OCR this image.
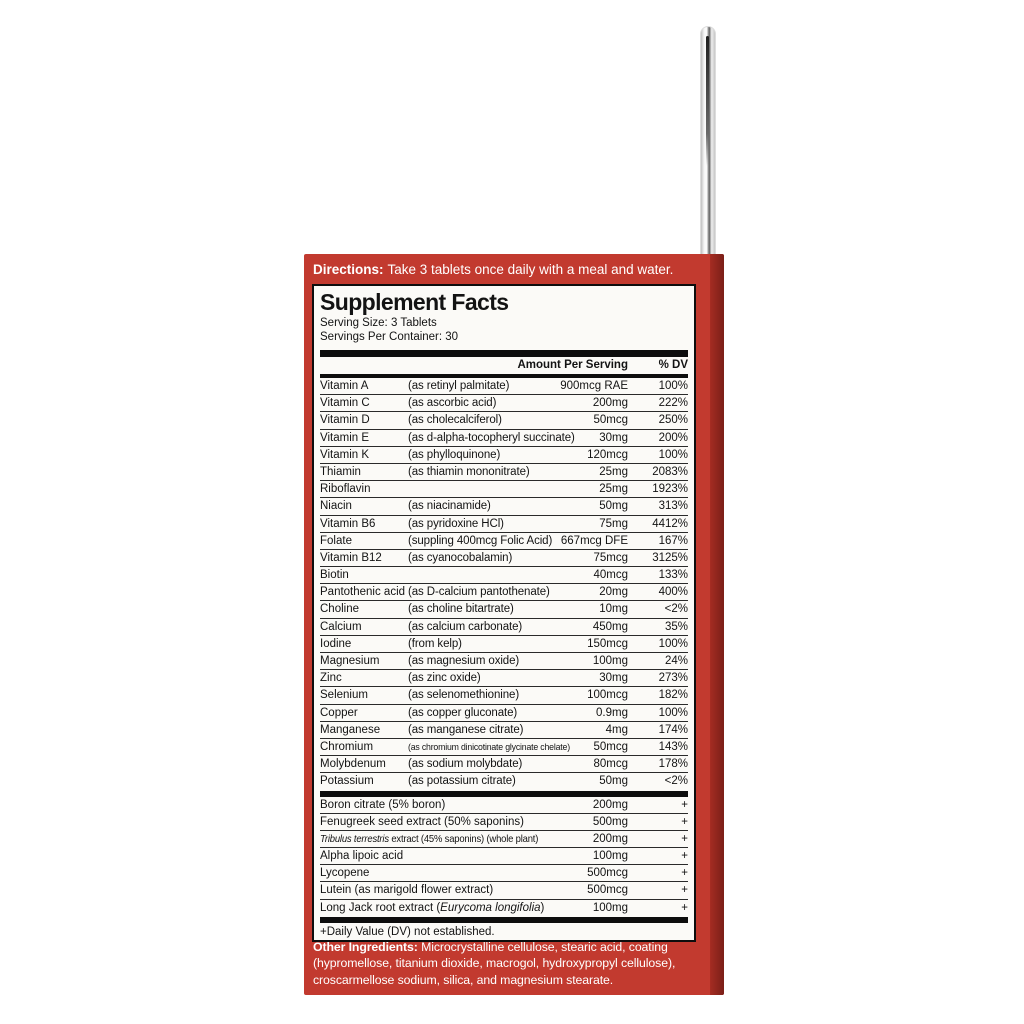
Directions: Take 3 tablets once daily with a meal and water.
Supplement Facts
Serving Size: 3 Tablets
Servings Per Container: 30
Amount Per Serving	% DV
Vitamin A	(as retinyl palmitate)	900mcg RAE	100%
Vitamin C	(as ascorbic acid)	200mg	222%
Vitamin D	(as cholecalciferol)	50mcg	250%
Vitamin E	(as d-alpha-tocopheryl succinate) 30mg	200%
Vitamin K	(as phylloquinone)	120mcg	100%
Thiamin	(as thiamin mononitrate)	25mg 2083%
Riboflavin	25mg 1923%
Niacin	(as niacinamide)	50mg	313%
Vitamin B6	(as pyridoxine HCl)	75mg 4412%
Folate	(suppling 400mcg Folic Acid) 667mcg DFE	167%
Vitamin B12 (as cyanocobalamin)	75mcg 3125%
Biotin	40mcg	133%
Pantothenic acid (as D-calcium pantothenate)	20mg	400%
Choline	(as choline bitartrate)	10mg	<2%
Calcium	(as calcium carbonate)	450mg	35%
Iodine	(from kelp)	150mcg	100%
Magnesium (as magnesium oxide)	100mg	24%
Zinc	(as zinc oxide)	30mg	273%
Selenium	(as selenomethionine)	100mcg	182%
Copper	(as copper gluconate)	0.9mg	100%
Manganese (as manganese citrate)	4mg	174%
Chromium	(as chromium dinicotinate glycinate chelate) 50mcg	143%
Molybdenum (as sodium molybdate)	80mcg	178%
Potassium	(as potassium citrate)	50mg	<2%
Boron citrate (5% boron)	200mg	+
Fenugreek seed extract (50% saponins)	500mg	+
Tribulus terrestris extract (45% saponins) (whole plant)	200mg	+
Alpha lipoic acid	100mg	+
Lycopene	500mcg	+
Lutein (as marigold flower extract)	500mcg	+
Long Jack root extract (Eurycoma longifolia)	100mg	+
+Daily Value (DV) not established.
Other Ingredients: Microcrystalline cellulose, stearic acid, coating (hypromellose, titanium dioxide, macrogol, hydroxypropyl cellulose), croscarmellose sodium, silica, and magnesium stearate.
